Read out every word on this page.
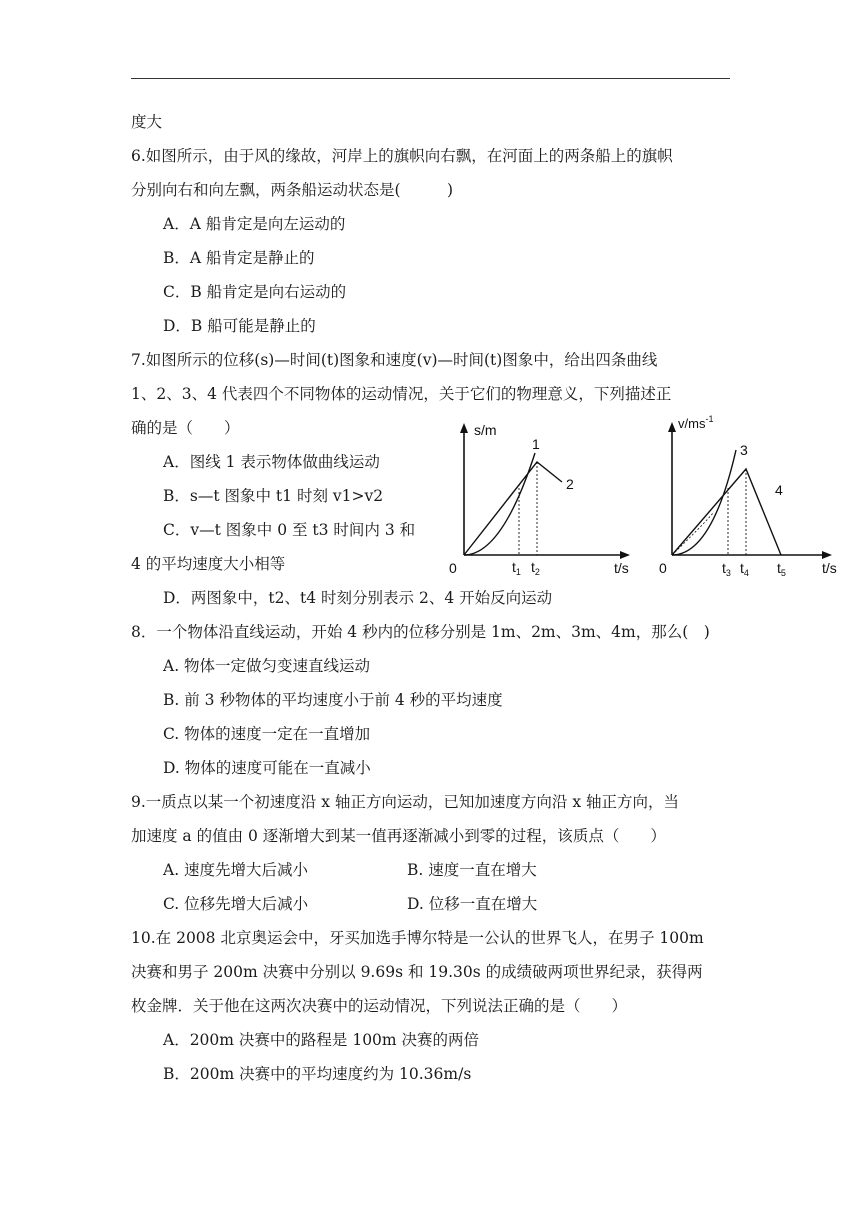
度大
6.如图所示，由于风的缘故，河岸上的旗帜向右飘，在河面上的两条船上的旗帜
分别向右和向左飘，两条船运动状态是(　　　)
A．A 船肯定是向左运动的
B．A 船肯定是静止的
C．B 船肯定是向右运动的
D．B 船可能是静止的
7.如图所示的位移(s)—时间(t)图象和速度(v)—时间(t)图象中，给出四条曲线
1、2、3、4 代表四个不同物体的运动情况，关于它们的物理意义，下列描述正
确的是（　　）
A．图线 1 表示物体做曲线运动
B．s—t 图象中 t1 时刻 v1>v2
C．v—t 图象中 0 至 t3 时间内 3 和
4 的平均速度大小相等
D．两图象中，t2、t4 时刻分别表示 2、4 开始反向运动
8．一个物体沿直线运动，开始 4 秒内的位移分别是 1m、2m、3m、4m，那么(　)
A. 物体一定做匀变速直线运动
B. 前 3 秒物体的平均速度小于前 4 秒的平均速度
C. 物体的速度一定在一直增加
D. 物体的速度可能在一直减小
9.一质点以某一个初速度沿 x 轴正方向运动，已知加速度方向沿 x 轴正方向，当
加速度 a 的值由 0 逐渐增大到某一值再逐渐减小到零的过程，该质点（　　）
A. 速度先增大后减小	B. 速度一直在增大
C. 位移先增大后减小	D. 位移一直在增大
10.在 2008 北京奥运会中，牙买加选手博尔特是一公认的世界飞人，在男子 100m
决赛和男子 200m 决赛中分别以 9.69s 和 19.30s 的成绩破两项世界纪录，获得两
枚金牌．关于他在这两次决赛中的运动情况，下列说法正确的是（　　）
A．200m 决赛中的路程是 100m 决赛的两倍
B．200m 决赛中的平均速度约为 10.36m/s
s/m
t/s
0
1
2
$t_1$ $t_2$
$v/ms^{-1}$
t/s
0
3
4
$t_3$ $t_4$ $t_5$
